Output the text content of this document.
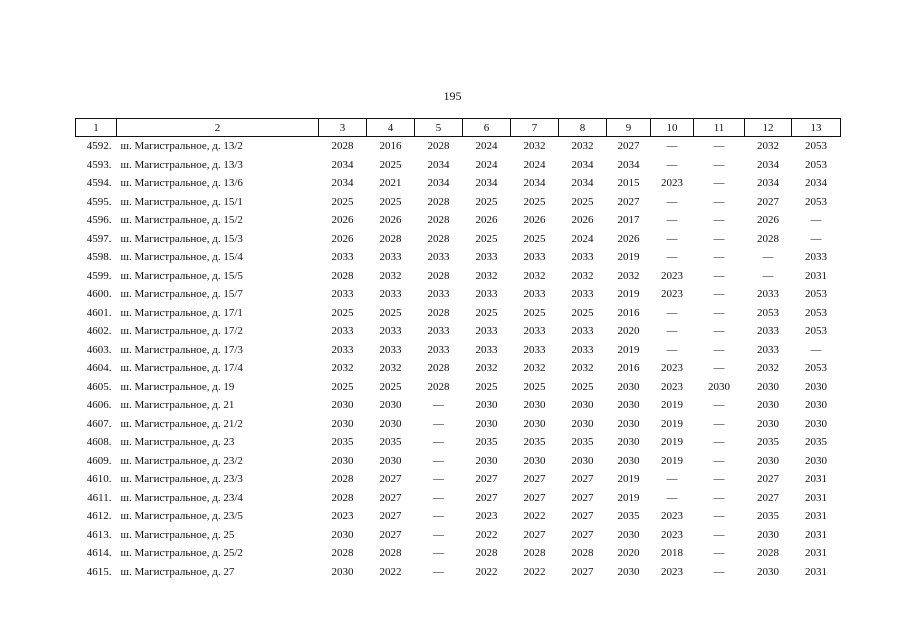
195
1	2	3	4	5	6	7	8	9	10	11	12	13
4592.	ш. Магистральное, д. 13/2	2028	2016	2028	2024	2032	2032	2027	—	—	2032	2053
4593.	ш. Магистральное, д. 13/3	2034	2025	2034	2024	2024	2034	2034	—	—	2034	2053
4594.	ш. Магистральное, д. 13/6	2034	2021	2034	2034	2034	2034	2015	2023	—	2034	2034
4595.	ш. Магистральное, д. 15/1	2025	2025	2028	2025	2025	2025	2027	—	—	2027	2053
4596.	ш. Магистральное, д. 15/2	2026	2026	2028	2026	2026	2026	2017	—	—	2026	—
4597.	ш. Магистральное, д. 15/3	2026	2028	2028	2025	2025	2024	2026	—	—	2028	—
4598.	ш. Магистральное, д. 15/4	2033	2033	2033	2033	2033	2033	2019	—	—	—	2033
4599.	ш. Магистральное, д. 15/5	2028	2032	2028	2032	2032	2032	2032	2023	—	—	2031
4600.	ш. Магистральное, д. 15/7	2033	2033	2033	2033	2033	2033	2019	2023	—	2033	2053
4601.	ш. Магистральное, д. 17/1	2025	2025	2028	2025	2025	2025	2016	—	—	2053	2053
4602.	ш. Магистральное, д. 17/2	2033	2033	2033	2033	2033	2033	2020	—	—	2033	2053
4603.	ш. Магистральное, д. 17/3	2033	2033	2033	2033	2033	2033	2019	—	—	2033	—
4604.	ш. Магистральное, д. 17/4	2032	2032	2028	2032	2032	2032	2016	2023	—	2032	2053
4605.	ш. Магистральное, д. 19	2025	2025	2028	2025	2025	2025	2030	2023	2030	2030	2030
4606.	ш. Магистральное, д. 21	2030	2030	—	2030	2030	2030	2030	2019	—	2030	2030
4607.	ш. Магистральное, д. 21/2	2030	2030	—	2030	2030	2030	2030	2019	—	2030	2030
4608.	ш. Магистральное, д. 23	2035	2035	—	2035	2035	2035	2030	2019	—	2035	2035
4609.	ш. Магистральное, д. 23/2	2030	2030	—	2030	2030	2030	2030	2019	—	2030	2030
4610.	ш. Магистральное, д. 23/3	2028	2027	—	2027	2027	2027	2019	—	—	2027	2031
4611.	ш. Магистральное, д. 23/4	2028	2027	—	2027	2027	2027	2019	—	—	2027	2031
4612.	ш. Магистральное, д. 23/5	2023	2027	—	2023	2022	2027	2035	2023	—	2035	2031
4613.	ш. Магистральное, д. 25	2030	2027	—	2022	2027	2027	2030	2023	—	2030	2031
4614.	ш. Магистральное, д. 25/2	2028	2028	—	2028	2028	2028	2020	2018	—	2028	2031
4615.	ш. Магистральное, д. 27	2030	2022	—	2022	2022	2027	2030	2023	—	2030	2031
